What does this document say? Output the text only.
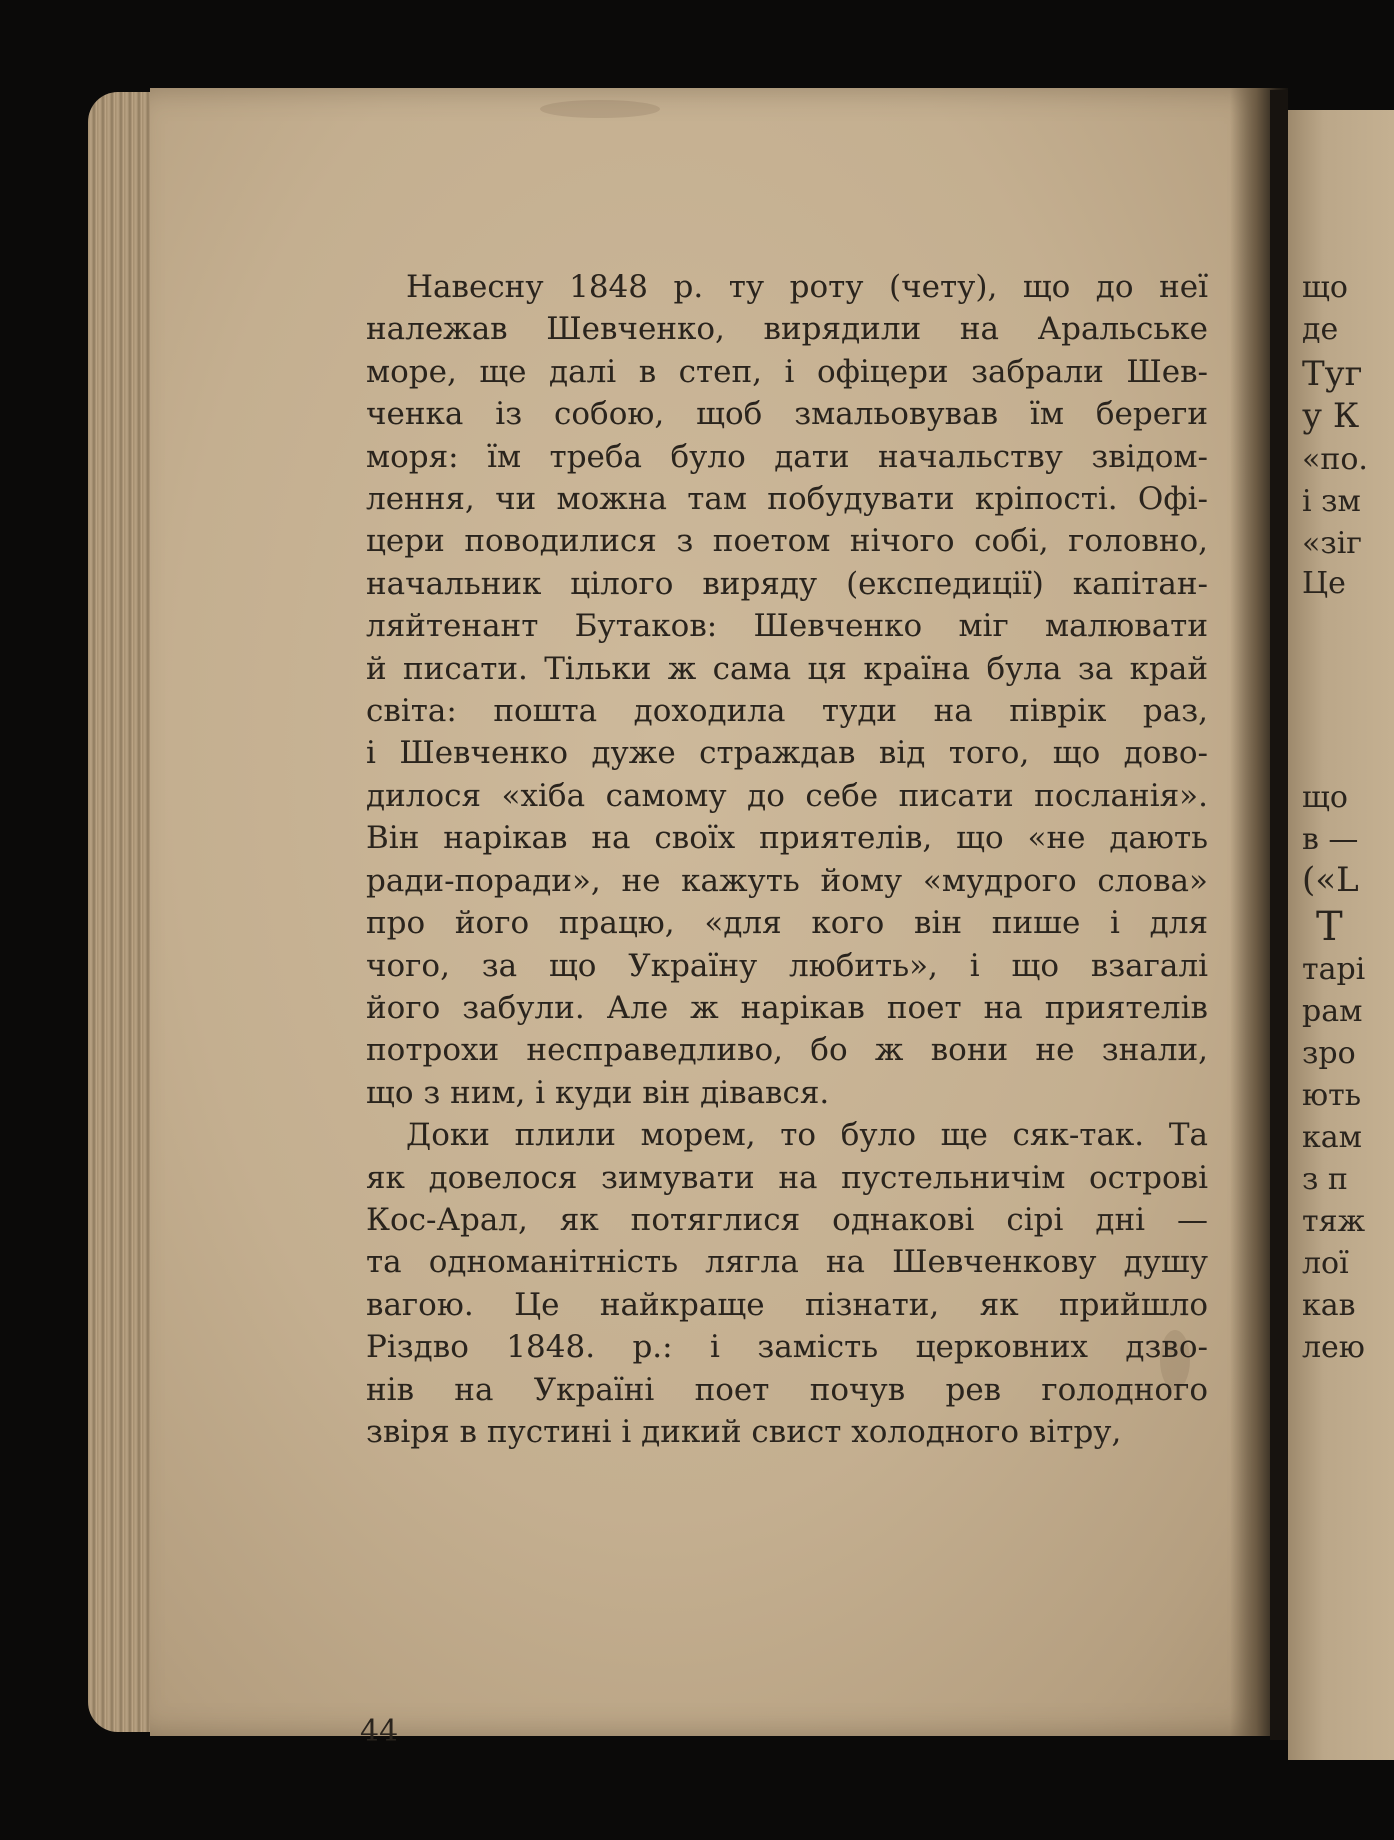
Навесну 1848 р. ту роту (чету), що до неї
належав Шевченко, вирядили на Аральське
море, ще далі в степ, і офіцери забрали Шев-
ченка із собою, щоб змальовував їм береги
моря: їм треба було дати начальству звідом-
лення, чи можна там побудувати кріпості. Офі-
цери поводилися з поетом нічого собі, головно,
начальник цілого виряду (експедиції) капітан-
ляйтенант Бутаков: Шевченко міг малювати
й писати. Тільки ж сама ця країна була за край
світа: пошта доходила туди на піврік раз,
і Шевченко дуже страждав від того, що дово-
дилося «хіба самому до себе писати посланія».
Він нарікав на своїх приятелів, що «не дають
ради-поради», не кажуть йому «мудрого слова»
про його працю, «для кого він пише і для
чого, за що Україну любить», і що взагалі
його забули. Але ж нарікав поет на приятелів
потрохи несправедливо, бо ж вони не знали,
що з ним, і куди він дівався.
Доки плили морем, то було ще сяк-так. Та
як довелося зимувати на пустельничім острові
Кос-Арал, як потяглися однакові сірі дні —
та одноманітність лягла на Шевченкову душу
вагою. Це найкраще пізнати, як прийшло
Різдво 1848. р.: і замість церковних дзво-
нів на Україні поет почув рев голодного
звіря в пустині і дикий свист холодного вітру,
44
що
де
Туг
у К
«по.
і зм
«зіг
Це
що
в —
(«L
Т
тарі
рам
зро
ють
кам
з п
тяж
лої
кав
лею
